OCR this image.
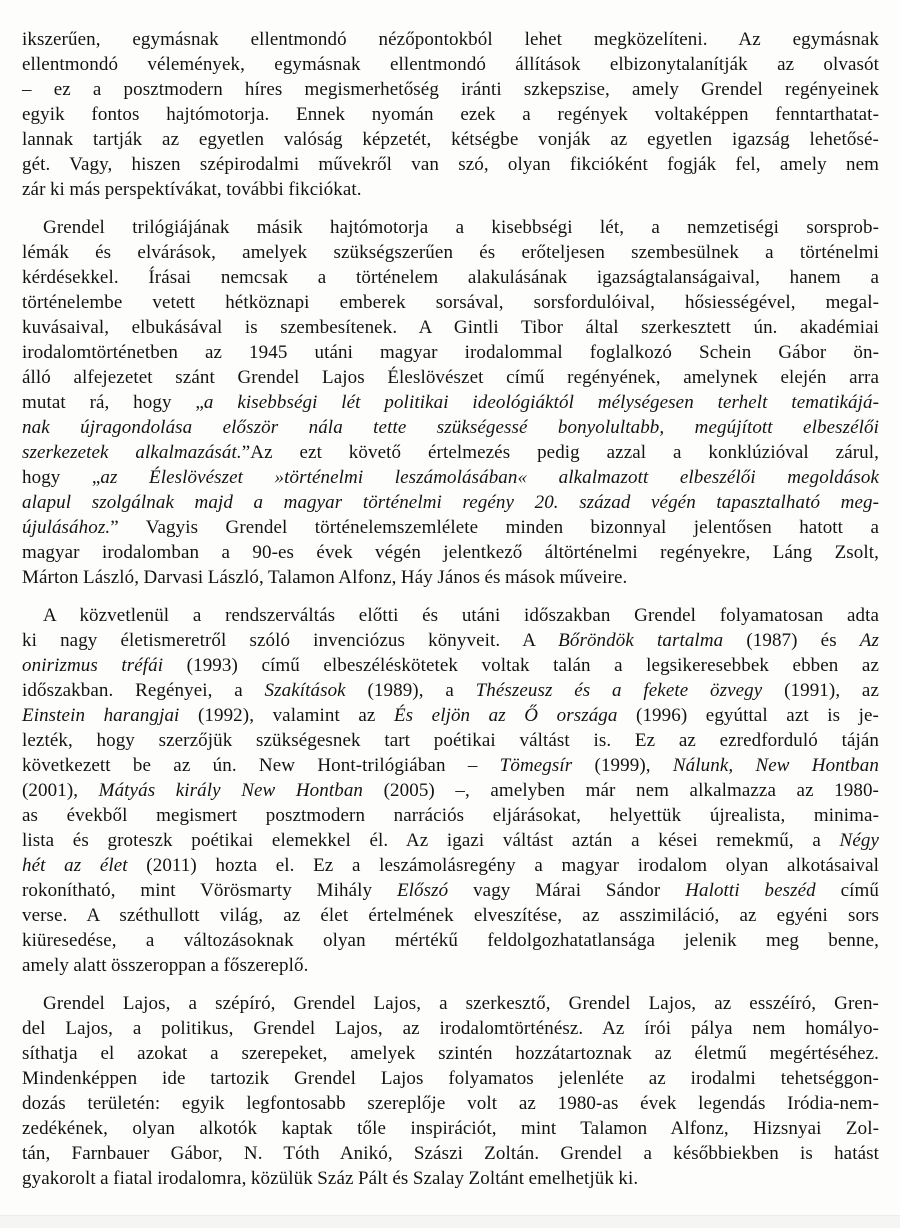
ikszerűen, egymásnak ellentmondó nézőpontokból lehet megközelíteni. Az egymásnak
ellentmondó vélemények, egymásnak ellentmondó állítások elbizonytalanítják az olvasót
– ez a posztmodern híres megismerhetőség iránti szkepszise, amely Grendel regényeinek
egyik fontos hajtómotorja. Ennek nyomán ezek a regények voltaképpen fenntarthatat-
lannak tartják az egyetlen valóság képzetét, kétségbe vonják az egyetlen igazság lehetősé-
gét. Vagy, hiszen szépirodalmi művekről van szó, olyan fikcióként fogják fel, amely nem
zár ki más perspektívákat, további fikciókat.

Grendel trilógiájának másik hajtómotorja a kisebbségi lét, a nemzetiségi sorsprob-
lémák és elvárások, amelyek szükségszerűen és erőteljesen szembesülnek a történelmi
kérdésekkel. Írásai nemcsak a történelem alakulásának igazságtalanságaival, hanem a
történelembe vetett hétköznapi emberek sorsával, sorsfordulóival, hősiességével, megal-
kuvásaival, elbukásával is szembesítenek. A Gintli Tibor által szerkesztett ún. akadémiai
irodalomtörténetben az 1945 utáni magyar irodalommal foglalkozó Schein Gábor ön-
álló alfejezetet szánt Grendel Lajos Éleslövészet című regényének, amelynek elején arra
mutat rá, hogy „a kisebbségi lét politikai ideológiáktól mélységesen terhelt tematikájá-
nak újragondolása először nála tette szükségessé bonyolultabb, megújított elbeszélői
szerkezetek alkalmazását.”Az ezt követő értelmezés pedig azzal a konklúzióval zárul,
hogy „az Éleslövészet »történelmi leszámolásában« alkalmazott elbeszélői megoldások
alapul szolgálnak majd a magyar történelmi regény 20. század végén tapasztalható meg-
újulásához.” Vagyis Grendel történelemszemlélete minden bizonnyal jelentősen hatott a
magyar irodalomban a 90-es évek végén jelentkező áltörténelmi regényekre, Láng Zsolt,
Márton László, Darvasi László, Talamon Alfonz, Háy János és mások műveire.

A közvetlenül a rendszerváltás előtti és utáni időszakban Grendel folyamatosan adta
ki nagy életismeretről szóló invenciózus könyveit. A Bőröndök tartalma (1987) és Az
onirizmus tréfái (1993) című elbeszéléskötetek voltak talán a legsikeresebbek ebben az
időszakban. Regényei, a Szakítások (1989), a Thészeusz és a fekete özvegy (1991), az
Einstein harangjai (1992), valamint az És eljön az Ő országa (1996) egyúttal azt is je-
lezték, hogy szerzőjük szükségesnek tart poétikai váltást is. Ez az ezredforduló táján
következett be az ún. New Hont-trilógiában – Tömegsír (1999), Nálunk, New Hontban
(2001), Mátyás király New Hontban (2005) –, amelyben már nem alkalmazza az 1980-
as évekből megismert posztmodern narrációs eljárásokat, helyettük újrealista, minima-
lista és groteszk poétikai elemekkel él. Az igazi váltást aztán a kései remekmű, a Négy
hét az élet (2011) hozta el. Ez a leszámolásregény a magyar irodalom olyan alkotásaival
rokonítható, mint Vörösmarty Mihály Előszó vagy Márai Sándor Halotti beszéd című
verse. A széthullott világ, az élet értelmének elveszítése, az asszimiláció, az egyéni sors
kiüresedése, a változásoknak olyan mértékű feldolgozhatatlansága jelenik meg benne,
amely alatt összeroppan a főszereplő.

Grendel Lajos, a szépíró, Grendel Lajos, a szerkesztő, Grendel Lajos, az esszéíró, Gren-
del Lajos, a politikus, Grendel Lajos, az irodalomtörténész. Az írói pálya nem homályo-
síthatja el azokat a szerepeket, amelyek szintén hozzátartoznak az életmű megértéséhez.
Mindenképpen ide tartozik Grendel Lajos folyamatos jelenléte az irodalmi tehetséggon-
dozás területén: egyik legfontosabb szereplője volt az 1980-as évek legendás Iródia-nem-
zedékének, olyan alkotók kaptak tőle inspirációt, mint Talamon Alfonz, Hizsnyai Zol-
tán, Farnbauer Gábor, N. Tóth Anikó, Szászi Zoltán. Grendel a későbbiekben is hatást
gyakorolt a fiatal irodalomra, közülük Száz Pált és Szalay Zoltánt emelhetjük ki.
